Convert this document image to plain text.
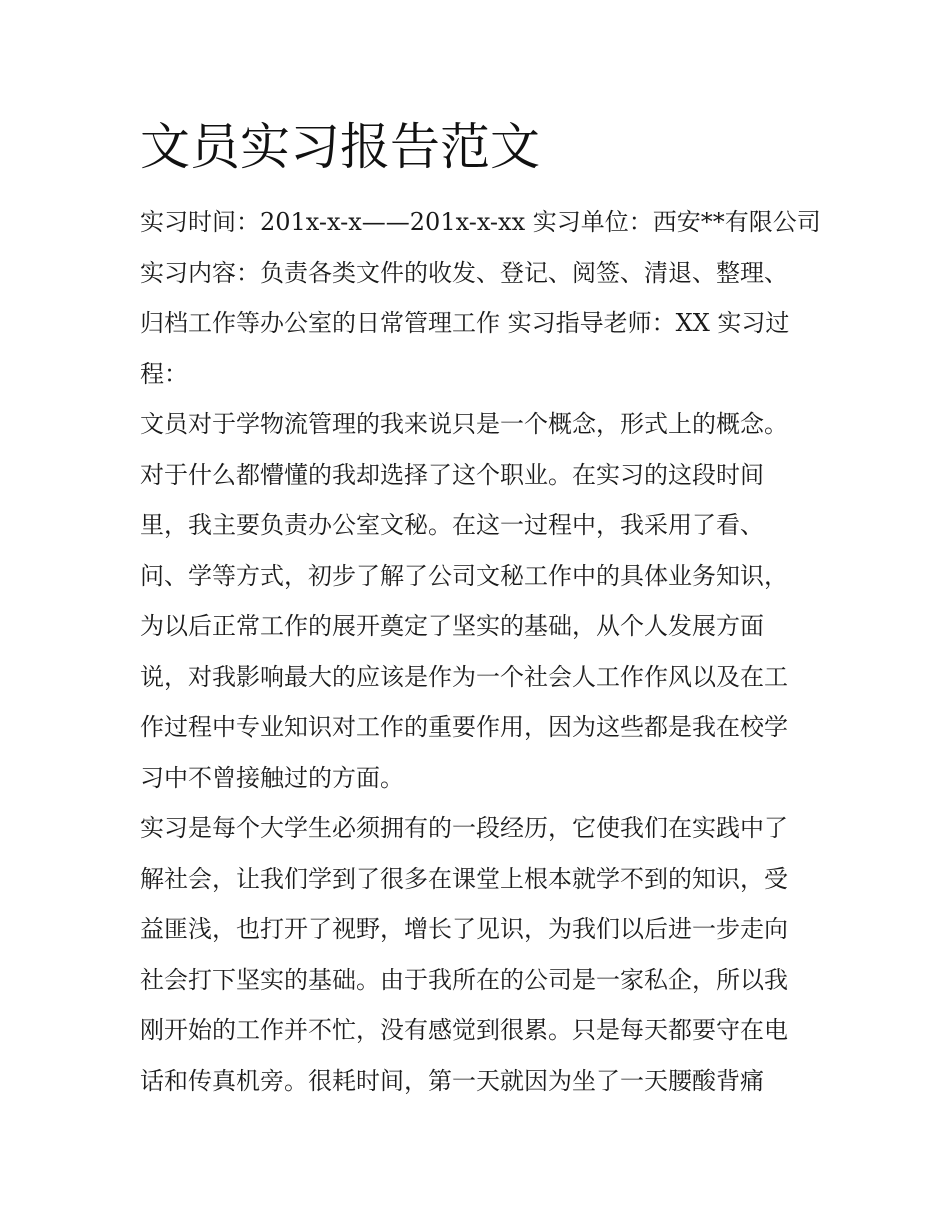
文员实习报告范文
实习时间：201x-x-x——201x-x-xx 实习单位：西安**有限公司
实习内容：负责各类文件的收发、登记、阅签、清退、整理、
归档工作等办公室的日常管理工作 实习指导老师：XX 实习过
程：
文员对于学物流管理的我来说只是一个概念，形式上的概念。
对于什么都懵懂的我却选择了这个职业。在实习的这段时间
里，我主要负责办公室文秘。在这一过程中，我采用了看、
问、学等方式，初步了解了公司文秘工作中的具体业务知识，
为以后正常工作的展开奠定了坚实的基础，从个人发展方面
说，对我影响最大的应该是作为一个社会人工作作风以及在工
作过程中专业知识对工作的重要作用，因为这些都是我在校学
习中不曾接触过的方面。
实习是每个大学生必须拥有的一段经历，它使我们在实践中了
解社会，让我们学到了很多在课堂上根本就学不到的知识，受
益匪浅，也打开了视野，增长了见识，为我们以后进一步走向
社会打下坚实的基础。由于我所在的公司是一家私企，所以我
刚开始的工作并不忙，没有感觉到很累。只是每天都要守在电
话和传真机旁。很耗时间，第一天就因为坐了一天腰酸背痛
